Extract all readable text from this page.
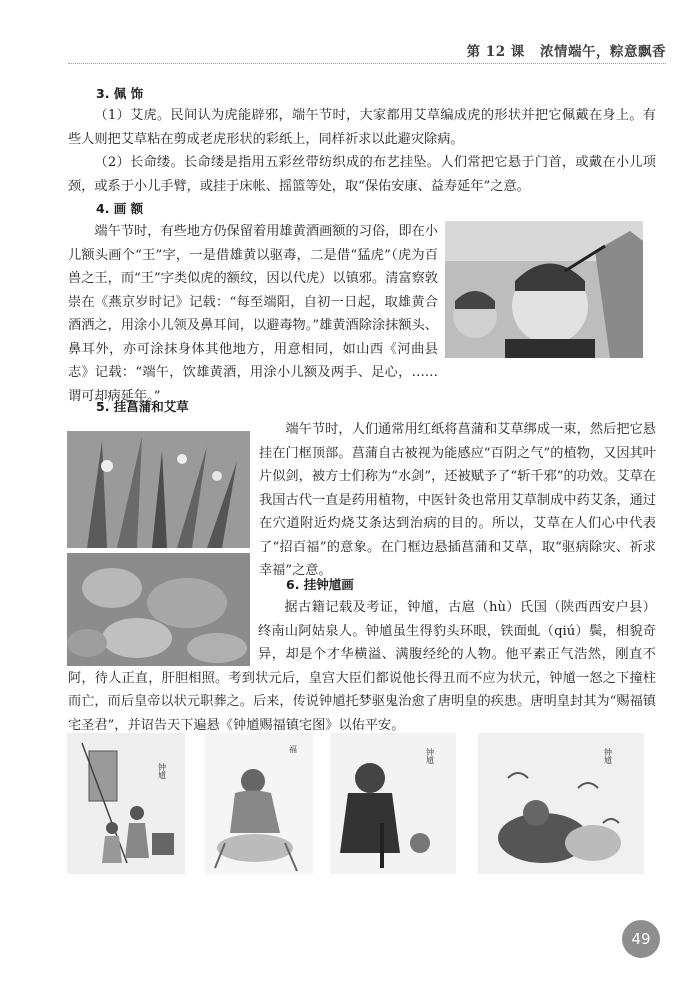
第 12 课 浓情端午，粽意飘香
3. 佩 饰

（1）艾虎。民间认为虎能辟邪，端午节时，大家都用艾草编成虎的形状并把它佩戴在身上。有些人则把艾草粘在剪成老虎形状的彩纸上，同样祈求以此避灾除病。

（2）长命缕。长命缕是指用五彩丝带纺织成的布艺挂坠。人们常把它悬于门首，或戴在小儿项颈，或系于小儿手臂，或挂于床帐、摇篮等处，取“保佑安康、益寿延年”之意。

4. 画 额

端午节时，有些地方仍保留着用雄黄酒画额的习俗，即在小儿额头画个“王”字，一是借雄黄以驱毒，二是借“猛虎”（虎为百兽之王，而“王”字类似虎的额纹，因以代虎）以镇邪。清富察敦崇在《燕京岁时记》记载：“每至端阳，自初一日起，取雄黄合酒洒之，用涂小儿领及鼻耳间，以避毒物。”雄黄酒除涂抹额头、鼻耳外，亦可涂抹身体其他地方，用意相同，如山西《河曲县志》记载：“端午，饮雄黄酒，用涂小儿额及两手、足心，……谓可却病延年。”

5. 挂菖蒲和艾草

端午节时，人们通常用红纸将菖蒲和艾草绑成一束，然后把它悬挂在门框顶部。菖蒲自古被视为能感应“百阴之气”的植物，又因其叶片似剑，被方士们称为“水剑”，还被赋予了“斩千邪”的功效。艾草在我国古代一直是药用植物，中医针灸也常用艾草制成中药艾条，通过在穴道附近灼烧艾条达到治病的目的。所以，艾草在人们心中代表了“招百福”的意象。在门框边悬插菖蒲和艾草，取“驱病除灾、祈求幸福”之意。

6. 挂钟馗画

据古籍记载及考证，钟馗，古扈（hù）氏国（陕西西安户县）终南山阿姑泉人。钟馗虽生得豹头环眼，铁面虬（qiú）鬓，相貌奇异，却是个才华横溢、满腹经纶的人物。他平素正气浩然，刚直不阿，待人正直，肝胆相照。考到状元后，皇宫大臣们都说他长得丑而不应为状元，钟馗一怒之下撞柱而亡，而后皇帝以状元职葬之。后来，传说钟馗托梦驱鬼治愈了唐明皇的疾患。唐明皇封其为“赐福镇宅圣君”，并诏告天下遍悬《钟馗赐福镇宅图》以佑平安。

钟馗
福	钟馗	钟馗
49
